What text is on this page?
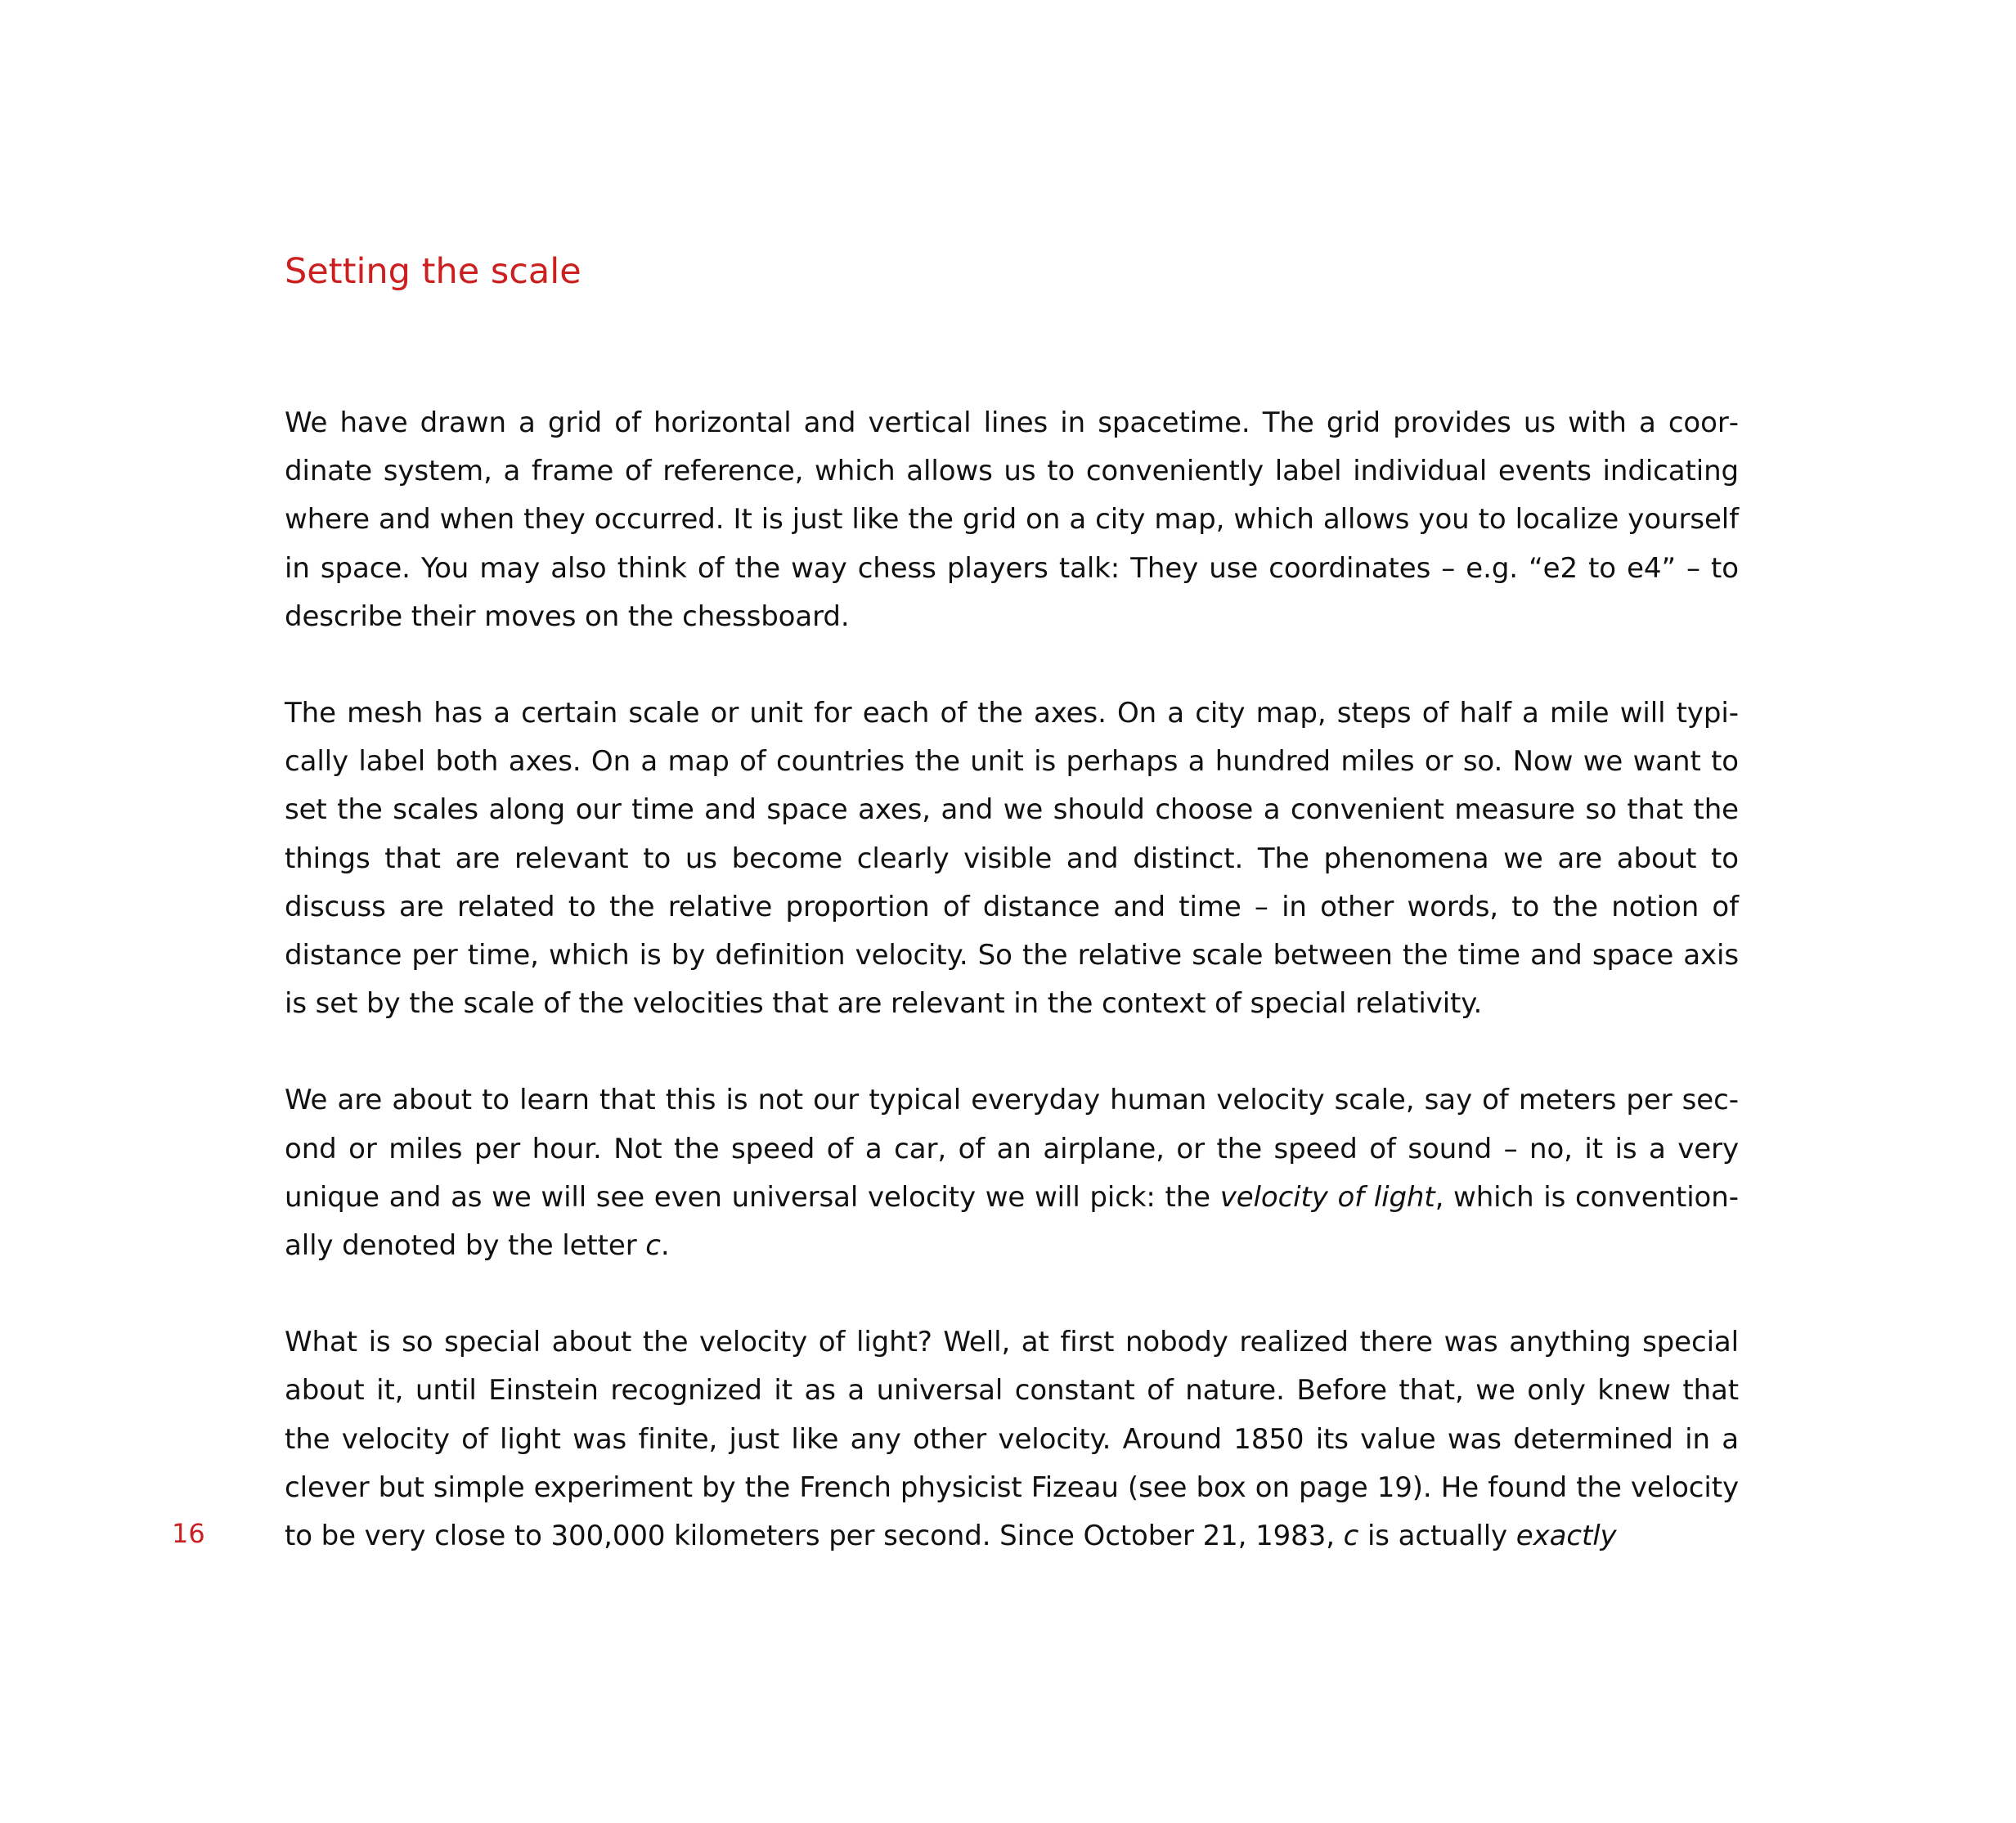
Setting the scale

We have drawn a grid of horizontal and vertical lines in spacetime. The grid provides us with a coordinate system, a frame of reference, which allows us to conveniently label individual events indicating where and when they occurred. It is just like the grid on a city map, which allows you to localize yourself in space. You may also think of the way chess players talk: They use coordinates – e.g. “e2 to e4” – to describe their moves on the chessboard.

The mesh has a certain scale or unit for each of the axes. On a city map, steps of half a mile will typically label both axes. On a map of countries the unit is perhaps a hundred miles or so. Now we want to set the scales along our time and space axes, and we should choose a convenient measure so that the things that are relevant to us become clearly visible and distinct. The phenomena we are about to discuss are related to the relative proportion of distance and time – in other words, to the notion of distance per time, which is by definition velocity. So the relative scale between the time and space axis is set by the scale of the velocities that are relevant in the context of special relativity.

We are about to learn that this is not our typical everyday human velocity scale, say of meters per second or miles per hour. Not the speed of a car, of an airplane, or the speed of sound – no, it is a very unique and as we will see even universal velocity we will pick: the velocity of light, which is conventionally denoted by the letter c.

What is so special about the velocity of light? Well, at first nobody realized there was anything special about it, until Einstein recognized it as a universal constant of nature. Before that, we only knew that the velocity of light was finite, just like any other velocity. Around 1850 its value was determined in a clever but simple experiment by the French physicist Fizeau (see box on page 19). He found the velocity to be very close to 300,000 kilometers per second. Since October 21, 1983, c is actually exactly

16
